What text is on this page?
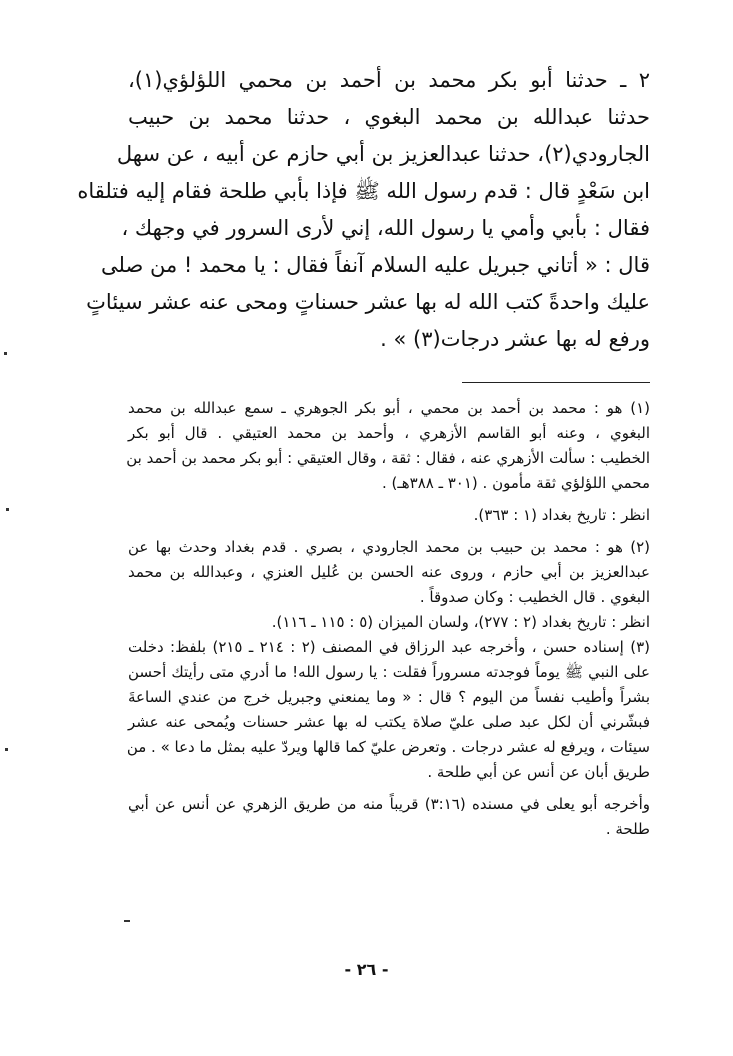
٢ ـ حدثنا أبو بكر محمد بن أحمد بن محمي اللؤلؤي(١)،
حدثنا عبدالله بن محمد البغوي ، حدثنا محمد بن حبيب
الجارودي(٢)، حدثنا عبدالعزيز بن أبي حازم عن أبيه ، عن سهل
ابن سَعْدٍ قال : قدم رسول الله ﷺ فإذا بأبي طلحة فقام إليه فتلقاه
فقال : بأبي وأمي يا رسول الله، إني لأرى السرور في وجهك ،
قال : « أتاني جبريل عليه السلام آنفاً فقال : يا محمد ! من صلى
عليك واحدةً كتب الله له بها عشر حسناتٍ ومحى عنه عشر سيئاتٍ
ورفع له بها عشر درجات(٣) » .
(١) هو : محمد بن أحمد بن محمي ، أبو بكر الجوهري ـ سمع عبدالله بن محمد
البغوي ، وعنه أبو القاسم الأزهري ، وأحمد بن محمد العتيقي . قال أبو بكر
الخطيب : سألت الأزهري عنه ، فقال : ثقة ، وقال العتيقي : أبو بكر محمد بن أحمد بن
محمي اللؤلؤي ثقة مأمون . (٣٠١ ـ ٣٨٨هـ) .
انظر : تاريخ بغداد (١ : ٣٦٣).
(٢) هو : محمد بن حبيب بن محمد الجارودي ، بصري . قدم بغداد وحدث بها عن
عبدالعزيز بن أبي حازم ، وروى عنه الحسن بن عُليل العنزي ، وعبدالله بن محمد
البغوي . قال الخطيب : وكان صدوقاً .
انظر : تاريخ بغداد (٢ : ٢٧٧)، ولسان الميزان (٥ : ١١٥ ـ ١١٦).
(٣) إسناده حسن ، وأخرجه عبد الرزاق في المصنف (٢ : ٢١٤ ـ ٢١٥) بلفظ: دخلت
على النبي ﷺ يوماً فوجدته مسروراً فقلت : يا رسول الله! ما أدري متى رأيتك أحسن
بشراً وأطيب نفساً من اليوم ؟ قال : « وما يمنعني وجبريل خرج من عندي الساعةَ
فبشّرني أن لكل عبد صلى عليّ صلاة يكتب له بها عشر حسنات ويُمحى عنه عشر
سيئات ، ويرفع له عشر درجات . وتعرض عليّ كما قالها ويردّ عليه بمثل ما دعا » . من
طريق أبان عن أنس عن أبي طلحة .
وأخرجه أبو يعلى في مسنده (٣:١٦) قريباً منه من طريق الزهري عن أنس عن أبي
طلحة .
- ٢٦ -
